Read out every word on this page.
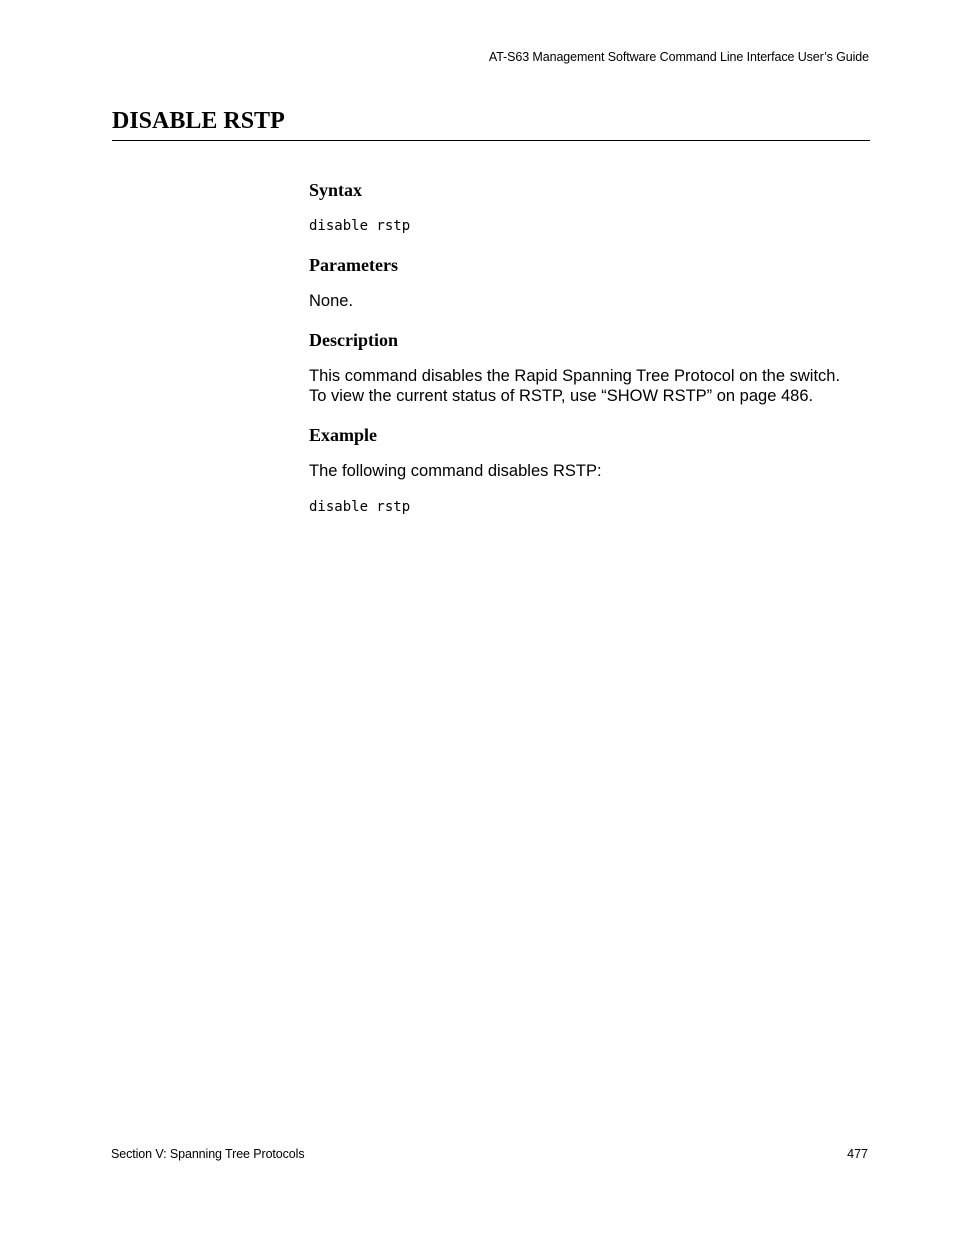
AT-S63 Management Software Command Line Interface User’s Guide
DISABLE RSTP
Syntax
disable rstp
Parameters

None.

Description

This command disables the Rapid Spanning Tree Protocol on the switch.

To view the current status of RSTP, use “SHOW RSTP” on page 486.

Example

The following command disables RSTP:

disable rstp
Section V: Spanning Tree Protocols	477
